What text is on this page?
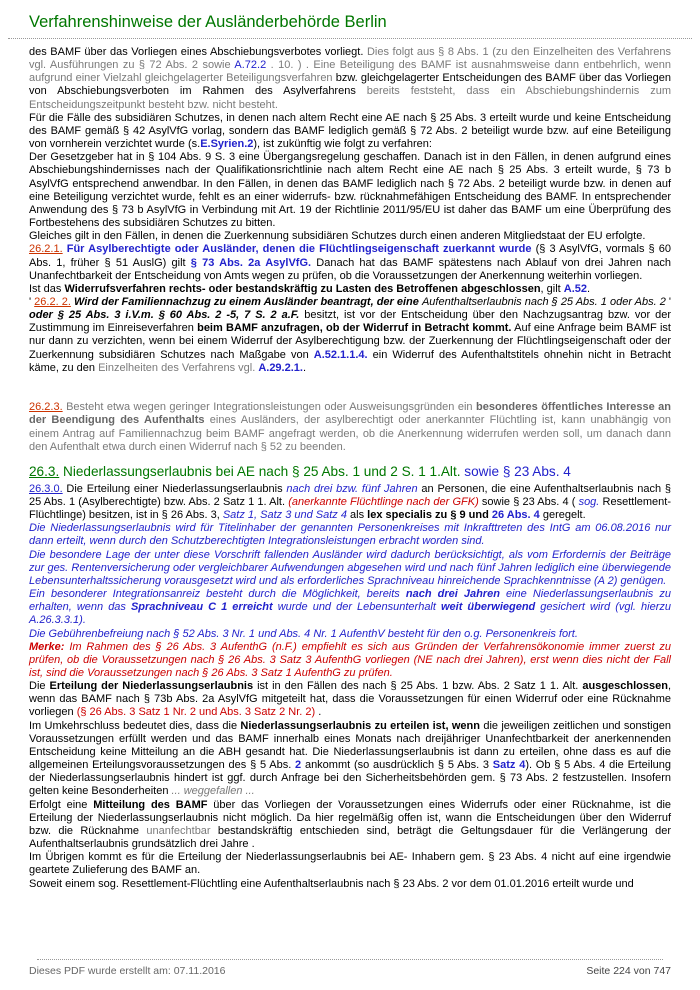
Verfahrenshinweise der Ausländerbehörde Berlin

des BAMF über das Vorliegen eines Abschiebungsverbotes vorliegt. Dies folgt aus § 8 Abs. 1 (zu den Einzelheiten des Verfahrens vgl. Ausführungen zu § 72 Abs. 2 sowie A.72.2 . 10. ) . Eine Beteiligung des BAMF ist ausnahmsweise dann entbehrlich, wenn aufgrund einer Vielzahl gleichgelagerter Beteiligungsverfahren bzw. gleichgelagerter Entscheidungen des BAMF über das Vorliegen von Abschiebungsverboten im Rahmen des Asylverfahrens bereits feststeht, dass ein Abschiebungshindernis zum Entscheidungszeitpunkt besteht bzw. nicht besteht.

Für die Fälle des subsidiären Schutzes, in denen nach altem Recht eine AE nach § 25 Abs. 3 erteilt wurde und keine Entscheidung des BAMF gemäß § 42 AsylVfG vorlag, sondern das BAMF lediglich gemäß § 72 Abs. 2 beteiligt wurde bzw. auf eine Beteiligung von vornherein verzichtet wurde (s.E.Syrien.2), ist zukünftig wie folgt zu verfahren:

Der Gesetzgeber hat in § 104 Abs. 9 S. 3 eine Übergangsregelung geschaffen. Danach ist in den Fällen, in denen aufgrund eines Abschiebungshindernisses nach der Qualifikationsrichtlinie nach altem Recht eine AE nach § 25 Abs. 3 erteilt wurde, § 73 b AsylVfG entsprechend anwendbar. In den Fällen, in denen das BAMF lediglich nach § 72 Abs. 2 beteiligt wurde bzw. in denen auf eine Beteiligung verzichtet wurde, fehlt es an einer widerrufs- bzw. rücknahmefähigen Entscheidung des BAMF. In entsprechender Anwendung des § 73 b AsylVfG in Verbindung mit Art. 19 der Richtlinie 2011/95/EU ist daher das BAMF um eine Überprüfung des Fortbestehens des subsidiären Schutzes zu bitten.

Gleiches gilt in den Fällen, in denen die Zuerkennung subsidiären Schutzes durch einen anderen Mitgliedstaat der EU erfolgte.

26.2.1. Für Asylberechtigte oder Ausländer, denen die Flüchtlingseigenschaft zuerkannt wurde (§ 3 AsylVfG, vormals § 60 Abs. 1, früher § 51 AuslG) gilt § 73 Abs. 2a AsylVfG. Danach hat das BAMF spätestens nach Ablauf von drei Jahren nach Unanfechtbarkeit der Entscheidung von Amts wegen zu prüfen, ob die Voraussetzungen der Anerkennung weiterhin vorliegen.

Ist das Widerrufsverfahren rechts- oder bestandskräftig zu Lasten des Betroffenen abgeschlossen, gilt A.52.

' 26.2. 2. Wird der Familiennachzug zu einem Ausländer beantragt, der eine Aufenthaltserlaubnis nach § 25 Abs. 1 oder Abs. 2 ' oder § 25 Abs. 3 i.V.m. § 60 Abs. 2 -5, 7 S. 2 a.F. besitzt, ist vor der Entscheidung über den Nachzugsantrag bzw. vor der Zustimmung im Einreiseverfahren beim BAMF anzufragen, ob der Widerruf in Betracht kommt. Auf eine Anfrage beim BAMF ist nur dann zu verzichten, wenn bei einem Widerruf der Asylberechtigung bzw. der Zuerkennung der Flüchtlingseigenschaft oder der Zuerkennung subsidiären Schutzes nach Maßgabe von A.52.1.1.4. ein Widerruf des Aufenthaltstitels ohnehin nicht in Betracht käme, zu den Einzelheiten des Verfahrens vgl. A.29.2.1..

26.2.3. Besteht etwa wegen geringer Integrationsleistungen oder Ausweisungsgründen ein besonderes öffentliches Interesse an der Beendigung des Aufenthalts eines Ausländers, der asylberechtigt oder anerkannter Flüchtling ist, kann unabhängig von einem Antrag auf Familiennachzug beim BAMF angefragt werden, ob die Anerkennung widerrufen werden soll, um danach dann den Aufenthalt etwa durch einen Widerruf nach § 52 zu beenden.

26.3. Niederlassungserlaubnis bei AE nach § 25 Abs. 1 und 2 S. 1 1.Alt. sowie § 23 Abs. 4

26.3.0. Die Erteilung einer Niederlassungserlaubnis nach drei bzw. fünf Jahren an Personen, die eine Aufenthaltserlaubnis nach § 25 Abs. 1 (Asylberechtigte) bzw. Abs. 2 Satz 1 1. Alt. (anerkannte Flüchtlinge nach der GFK) sowie § 23 Abs. 4 ( sog. Resettlement-Flüchtlinge) besitzen, ist in § 26 Abs. 3, Satz 1, Satz 3 und Satz 4 als lex specialis zu § 9 und 26 Abs. 4 geregelt.

Die Niederlassungserlaubnis wird für Titelinhaber der genannten Personenkreises mit Inkrafttreten des IntG am 06.08.2016 nur dann erteilt, wenn durch den Schutzberechtigten Integrationsleistungen erbracht worden sind.

Die besondere Lage der unter diese Vorschrift fallenden Ausländer wird dadurch berücksichtigt, als vom Erfordernis der Beiträge zur ges. Rentenversicherung oder vergleichbarer Aufwendungen abgesehen wird und nach fünf Jahren lediglich eine überwiegende Lebensunterhaltssicherung vorausgesetzt wird und als erforderliches Sprachniveau hinreichende Sprachkenntnisse (A 2) genügen.

Ein besonderer Integrationsanreiz besteht durch die Möglichkeit, bereits nach drei Jahren eine Niederlassungserlaubnis zu erhalten, wenn das Sprachniveau C 1 erreicht wurde und der Lebensunterhalt weit überwiegend gesichert wird (vgl. hierzu A.26.3.3.1).

Die Gebührenbefreiung nach § 52 Abs. 3 Nr. 1 und Abs. 4 Nr. 1 AufenthV besteht für den o.g. Personenkreis fort.

Merke: Im Rahmen des § 26 Abs. 3 AufenthG (n.F.) empfiehlt es sich aus Gründen der Verfahrensökonomie immer zuerst zu prüfen, ob die Voraussetzungen nach § 26 Abs. 3 Satz 3 AufenthG vorliegen (NE nach drei Jahren), erst wenn dies nicht der Fall ist, sind die Voraussetzungen nach § 26 Abs. 3 Satz 1 AufenthG zu prüfen.

Die Erteilung der Niederlassungserlaubnis ist in den Fällen des nach § 25 Abs. 1 bzw. Abs. 2 Satz 1 1. Alt. ausgeschlossen, wenn das BAMF nach § 73b Abs. 2a AsylVfG mitgeteilt hat, dass die Voraussetzungen für einen Widerruf oder eine Rücknahme vorliegen (§ 26 Abs. 3 Satz 1 Nr. 2 und Abs. 3 Satz 2 Nr. 2) .

Im Umkehrschluss bedeutet dies, dass die Niederlassungserlaubnis zu erteilen ist, wenn die jeweiligen zeitlichen und sonstigen Voraussetzungen erfüllt werden und das BAMF innerhalb eines Monats nach dreijähriger Unanfechtbarkeit der anerkennenden Entscheidung keine Mitteilung an die ABH gesandt hat. Die Niederlassungserlaubnis ist dann zu erteilen, ohne dass es auf die allgemeinen Erteilungsvoraussetzungen des § 5 Abs. 2 ankommt (so ausdrücklich § 5 Abs. 3 Satz 4). Ob § 5 Abs. 4 die Erteilung der Niederlassungserlaubnis hindert ist ggf. durch Anfrage bei den Sicherheitsbehörden gem. § 73 Abs. 2 festzustellen. Insofern gelten keine Besonderheiten ... weggefallen ...

Erfolgt eine Mitteilung des BAMF über das Vorliegen der Voraussetzungen eines Widerrufs oder einer Rücknahme, ist die Erteilung der Niederlassungserlaubnis nicht möglich. Da hier regelmäßig offen ist, wann die Entscheidungen über den Widerruf bzw. die Rücknahme unanfechtbar bestandskräftig entschieden sind, beträgt die Geltungsdauer für die Verlängerung der Aufenthaltserlaubnis grundsätzlich drei Jahre .

Im Übrigen kommt es für die Erteilung der Niederlassungserlaubnis bei AE- Inhabern gem. § 23 Abs. 4 nicht auf eine irgendwie geartete Zulieferung des BAMF an.

Soweit einem sog. Resettlement-Flüchtling eine Aufenthaltserlaubnis nach § 23 Abs. 2 vor dem 01.01.2016 erteilt wurde und

Dieses PDF wurde erstellt am: 07.11.2016	Seite 224 von 747
